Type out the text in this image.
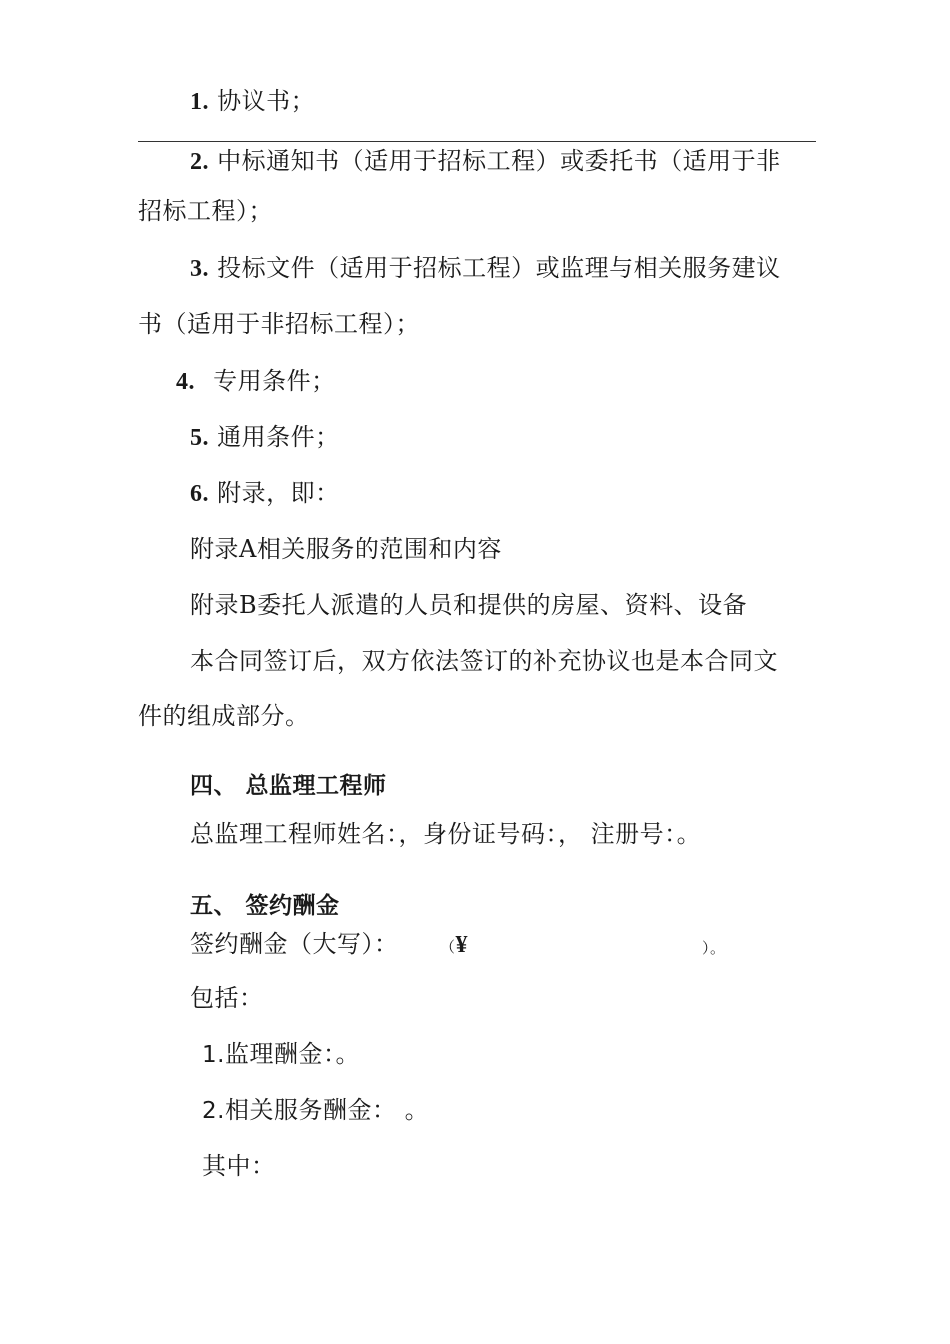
1. 协议书；
2. 中标通知书（适用于招标工程）或委托书（适用于非
招标工程）；
3. 投标文件（适用于招标工程）或监理与相关服务建议
书（适用于非招标工程）；
4. 专用条件；
5. 通用条件；
6. 附录，即：
附录A相关服务的范围和内容
附录B委托人派遣的人员和提供的房屋、资料、设备
本合同签订后，双方依法签订的补充协议也是本合同文
件的组成部分。
四、 总监理工程师
总监理工程师姓名：，身份证号码：， 注册号：。
五、 签约酬金
签约酬金（大写）：	（¥	）。
包括：
1.监理酬金：。
2.相关服务酬金： 。
其中：
